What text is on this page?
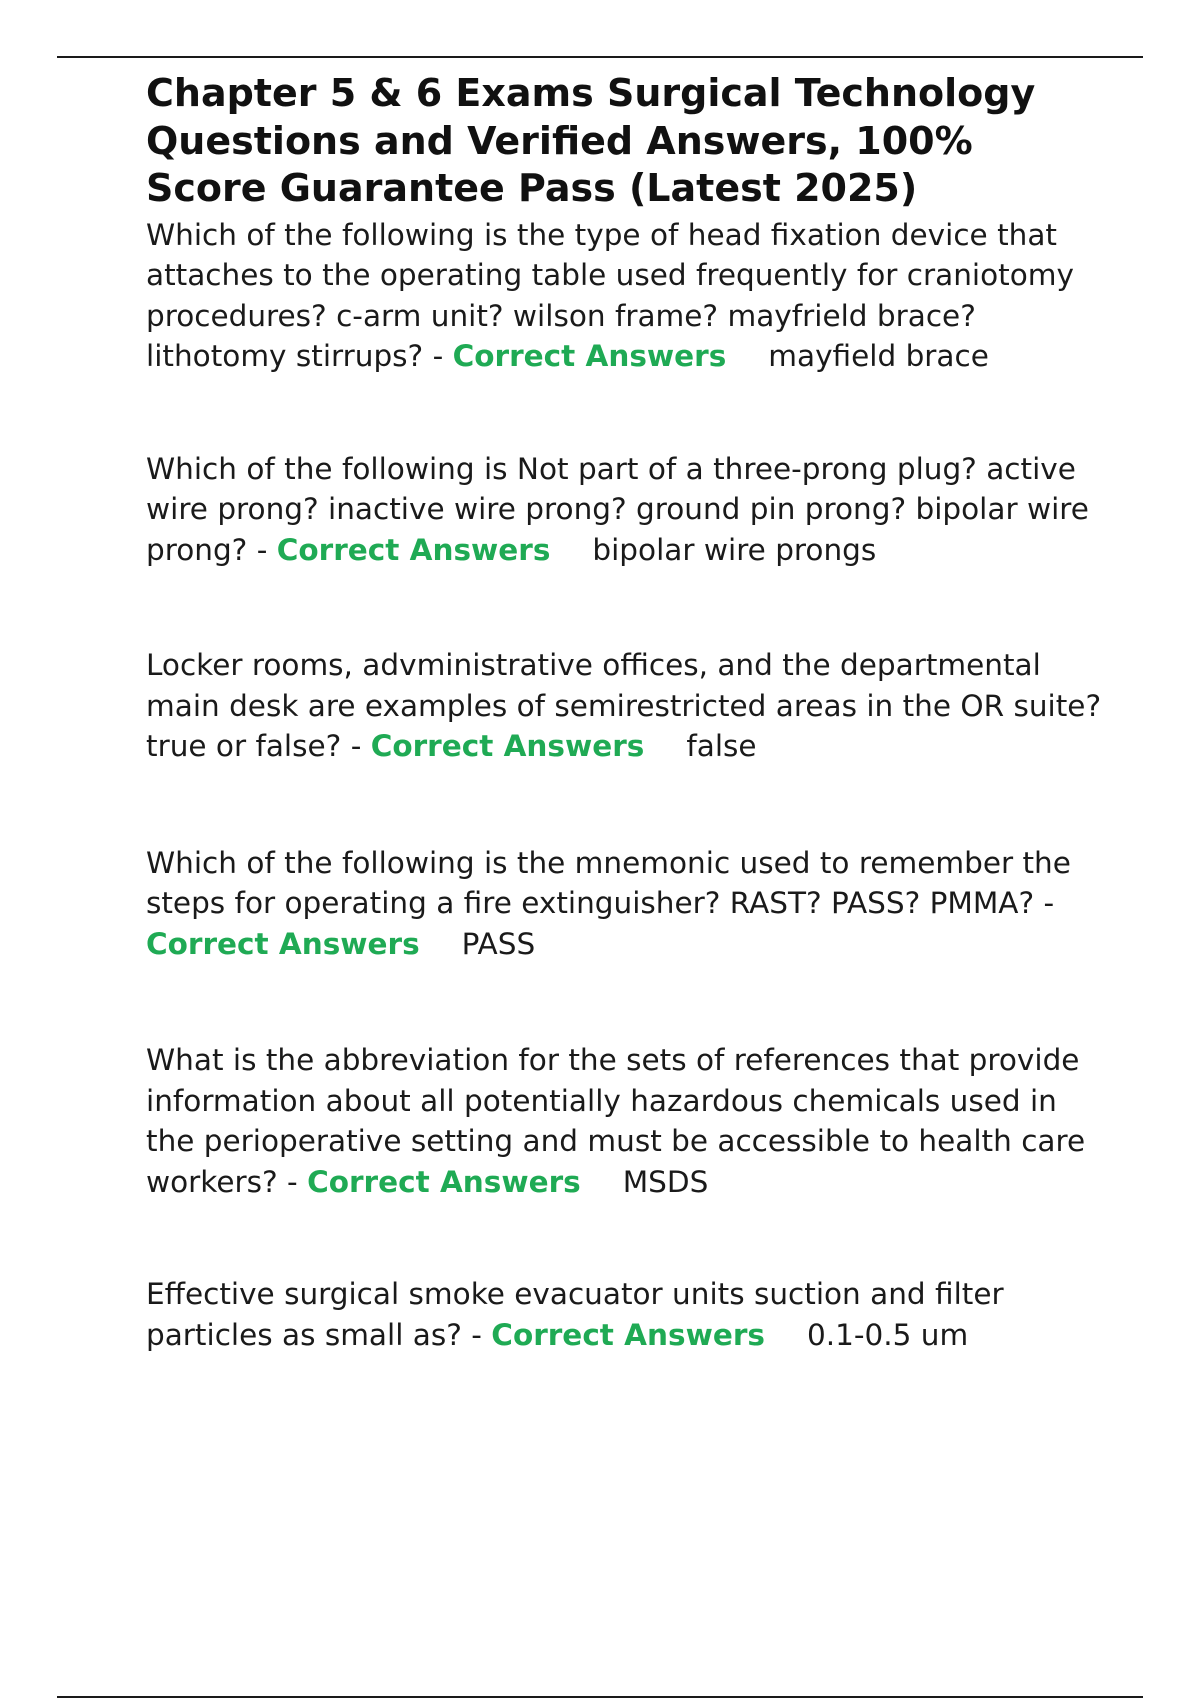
Chapter 5 & 6 Exams Surgical Technology Questions and Verified Answers, 100% Score Guarantee Pass (Latest 2025)

Which of the following is the type of head fixation device that attaches to the operating table used frequently for craniotomy procedures? c-arm unit? wilson frame? mayfrield brace? lithotomy stirrups? - Correct Answers mayfield brace

Which of the following is Not part of a three-prong plug? active wire prong? inactive wire prong? ground pin prong? bipolar wire prong? - Correct Answers bipolar wire prongs

Locker rooms, advministrative offices, and the departmental main desk are examples of semirestricted areas in the OR suite? true or false? - Correct Answers false

Which of the following is the mnemonic used to remember the steps for operating a fire extinguisher? RAST? PASS? PMMA? - Correct Answers PASS

What is the abbreviation for the sets of references that provide information about all potentially hazardous chemicals used in the perioperative setting and must be accessible to health care workers? - Correct Answers MSDS

Effective surgical smoke evacuator units suction and filter particles as small as? - Correct Answers 0.1-0.5 um
